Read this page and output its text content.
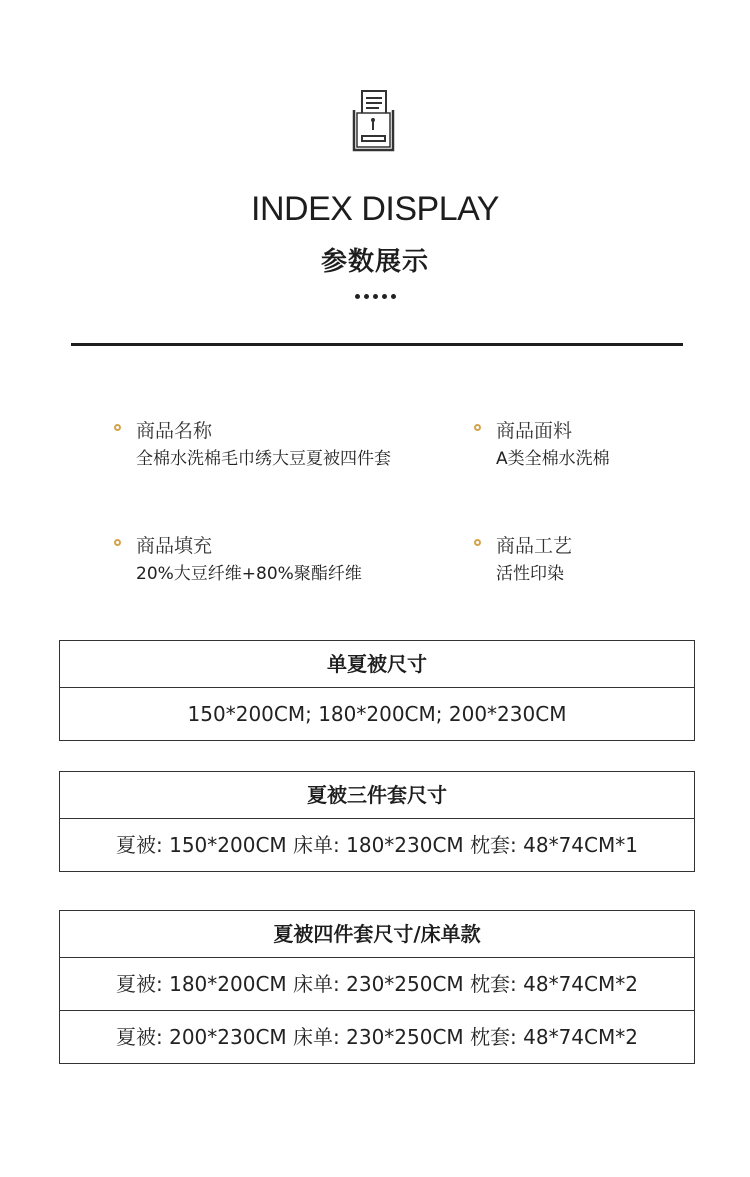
INDEX DISPLAY
参数展示
商品名称
全棉水洗棉毛巾绣大豆夏被四件套
商品面料
A类全棉水洗棉
商品填充
20%大豆纤维+80%聚酯纤维
商品工艺
活性印染
单夏被尺寸
150*200CM; 180*200CM; 200*230CM
夏被三件套尺寸
夏被: 150*200CM 床单: 180*230CM 枕套: 48*74CM*1
夏被四件套尺寸/床单款
夏被: 180*200CM 床单: 230*250CM 枕套: 48*74CM*2
夏被: 200*230CM 床单: 230*250CM 枕套: 48*74CM*2
